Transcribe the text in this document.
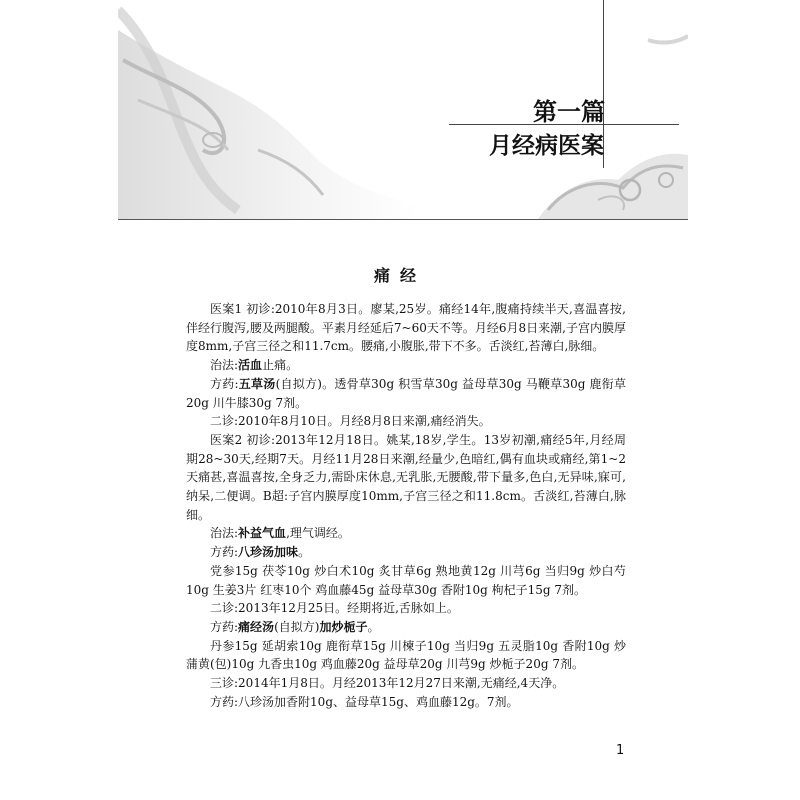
第一篇
月经病医案
痛经

医案1 初诊:2010年8月3日。廖某,25岁。痛经14年,腹痛持续半天,喜温喜按,伴经行腹泻,腰及两腿酸。平素月经延后7~60天不等。月经6月8日来潮,子宫内膜厚度8mm,子宫三径之和11.7cm。腰痛,小腹胀,带下不多。舌淡红,苔薄白,脉细。

治法:活血止痛。

方药:五草汤(自拟方)。透骨草30g 积雪草30g 益母草30g 马鞭草30g 鹿衔草20g 川牛膝30g 7剂。

二诊:2010年8月10日。月经8月8日来潮,痛经消失。

医案2 初诊:2013年12月18日。姚某,18岁,学生。13岁初潮,痛经5年,月经周期28~30天,经期7天。月经11月28日来潮,经量少,色暗红,偶有血块或痛经,第1~2天痛甚,喜温喜按,全身乏力,需卧床休息,无乳胀,无腰酸,带下量多,色白,无异味,寐可,纳呆,二便调。B超:子宫内膜厚度10mm,子宫三径之和11.8cm。舌淡红,苔薄白,脉细。

治法:补益气血,理气调经。

方药:八珍汤加味。

党参15g 茯苓10g 炒白术10g 炙甘草6g 熟地黄12g 川芎6g 当归9g 炒白芍10g 生姜3片 红枣10个 鸡血藤45g 益母草30g 香附10g 枸杞子15g 7剂。

二诊:2013年12月25日。经期将近,舌脉如上。

方药:痛经汤(自拟方)加炒栀子。

丹参15g 延胡索10g 鹿衔草15g 川楝子10g 当归9g 五灵脂10g 香附10g 炒蒲黄(包)10g 九香虫10g 鸡血藤20g 益母草20g 川芎9g 炒栀子20g 7剂。

三诊:2014年1月8日。月经2013年12月27日来潮,无痛经,4天净。

方药:八珍汤加香附10g、益母草15g、鸡血藤12g。7剂。

1
